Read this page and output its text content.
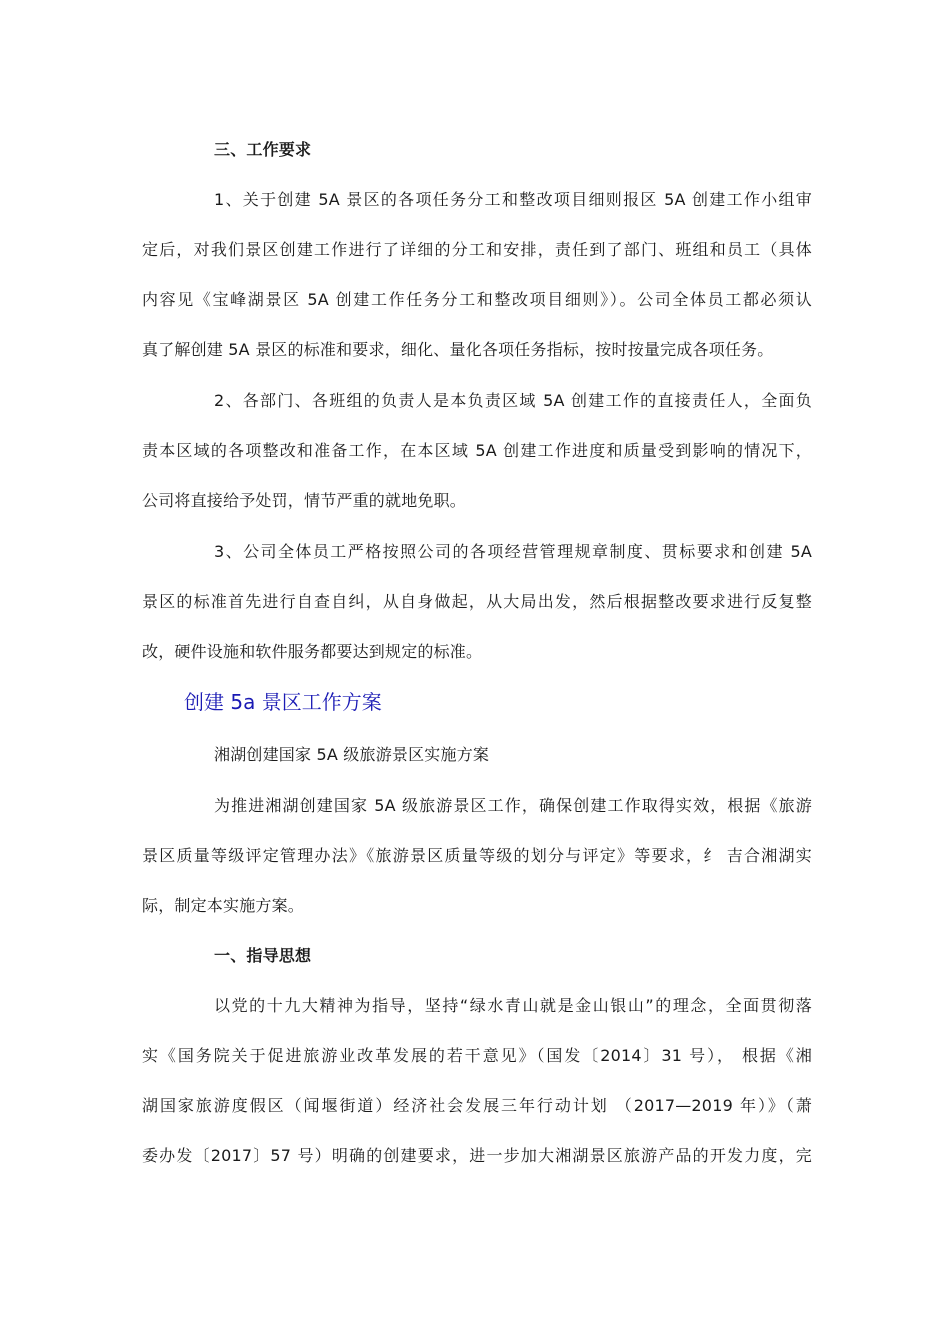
三、工作要求
1、关于创建 5A 景区的各项任务分工和整改项目细则报区 5A 创建工作小组审
定后，对我们景区创建工作进行了详细的分工和安排，责任到了部门、班组和员工（具体
内容见《宝峰湖景区 5A 创建工作任务分工和整改项目细则》）。公司全体员工都必须认
真了解创建 5A 景区的标准和要求，细化、量化各项任务指标，按时按量完成各项任务。
2、各部门、各班组的负责人是本负责区域 5A 创建工作的直接责任人，全面负
责本区域的各项整改和准备工作，在本区域 5A 创建工作进度和质量受到影响的情况下，
公司将直接给予处罚，情节严重的就地免职。
3、公司全体员工严格按照公司的各项经营管理规章制度、贯标要求和创建 5A
景区的标准首先进行自查自纠，从自身做起，从大局出发，然后根据整改要求进行反复整
改，硬件设施和软件服务都要达到规定的标准。
创建 5a 景区工作方案
湘湖创建国家 5A 级旅游景区实施方案
为推进湘湖创建国家 5A 级旅游景区工作，确保创建工作取得实效，根据《旅游
景区质量等级评定管理办法》《旅游景区质量等级的划分与评定》等要求，纟 吉合湘湖实
际，制定本实施方案。
一、指导思想
以党的十九大精神为指导，坚持“绿水青山就是金山银山”的理念，全面贯彻落
实《国务院关于促进旅游业改革发展的若干意见》（国发〔2014〕31 号）， 根据《湘
湖国家旅游度假区（闻堰街道）经济社会发展三年行动计划 （2017—2019 年）》（萧
委办发〔2017〕57 号）明确的创建要求，进一步加大湘湖景区旅游产品的开发力度，完
